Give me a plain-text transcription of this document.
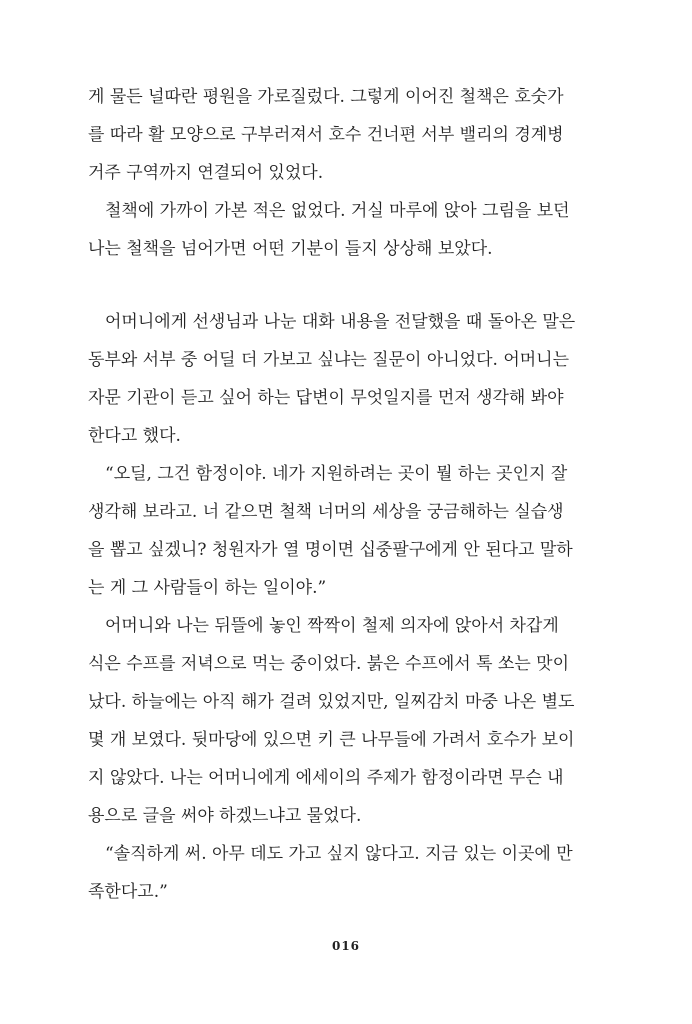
게 물든 널따란 평원을 가로질렀다. 그렇게 이어진 철책은 호숫가
를 따라 활 모양으로 구부러져서 호수 건너편 서부 밸리의 경계병
거주 구역까지 연결되어 있었다.
철책에 가까이 가본 적은 없었다. 거실 마루에 앉아 그림을 보던
나는 철책을 넘어가면 어떤 기분이 들지 상상해 보았다.
어머니에게 선생님과 나눈 대화 내용을 전달했을 때 돌아온 말은
동부와 서부 중 어딜 더 가보고 싶냐는 질문이 아니었다. 어머니는
자문 기관이 듣고 싶어 하는 답변이 무엇일지를 먼저 생각해 봐야
한다고 했다.
“오딜, 그건 함정이야. 네가 지원하려는 곳이 뭘 하는 곳인지 잘
생각해 보라고. 너 같으면 철책 너머의 세상을 궁금해하는 실습생
을 뽑고 싶겠니? 청원자가 열 명이면 십중팔구에게 안 된다고 말하
는 게 그 사람들이 하는 일이야.”
어머니와 나는 뒤뜰에 놓인 짝짝이 철제 의자에 앉아서 차갑게
식은 수프를 저녁으로 먹는 중이었다. 붉은 수프에서 톡 쏘는 맛이
났다. 하늘에는 아직 해가 걸려 있었지만, 일찌감치 마중 나온 별도
몇 개 보였다. 뒷마당에 있으면 키 큰 나무들에 가려서 호수가 보이
지 않았다. 나는 어머니에게 에세이의 주제가 함정이라면 무슨 내
용으로 글을 써야 하겠느냐고 물었다.
“솔직하게 써. 아무 데도 가고 싶지 않다고. 지금 있는 이곳에 만
족한다고.”
016
